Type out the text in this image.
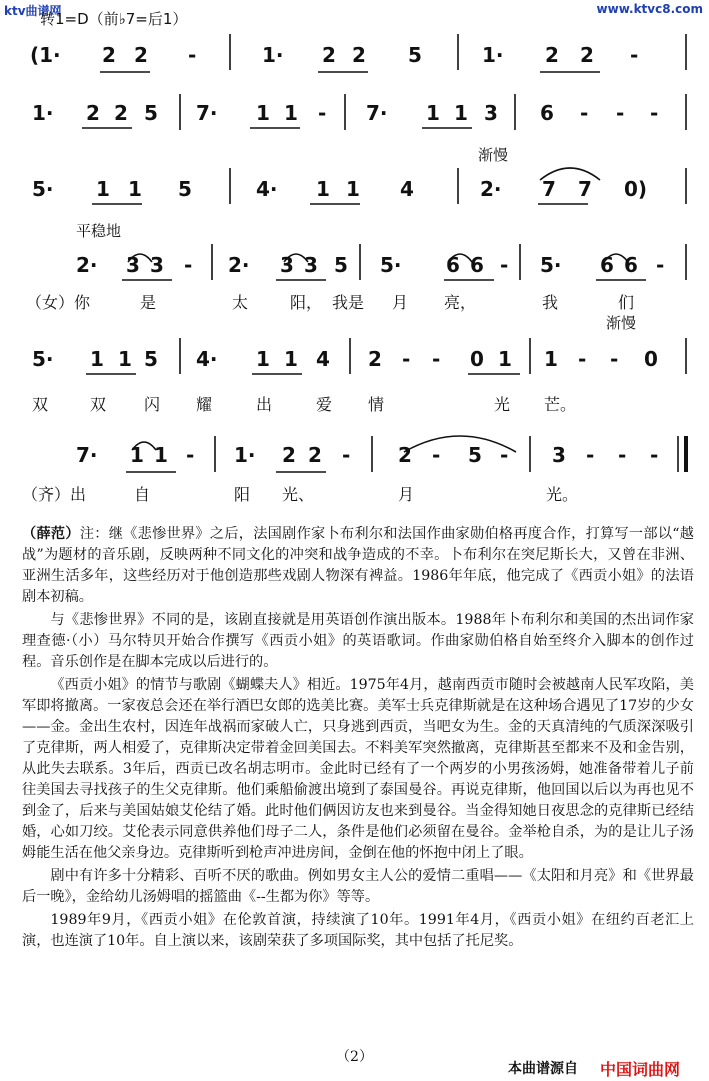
ktv曲谱网	www.ktvc8.com
转1=D（前♭7=后1）
(1· 2 2 -	1· 2 2 5	1· 2 2 -
1· 2 2 5 7· 1 1 - 7· 1 1 3 6 - - -
渐慢
5· 1 1 5	4· 1 1 4	2· 7 7 0)
平稳地
2· 3 3 - 2· 3 3 5 5· 6 6 - 5· 6 6 -
（女）你	是	太	阳， 我是 月 亮，	我	们
渐慢
5· 1 1 5 4· 1 1 4 2 - - 0 1 1 - - 0
双	双 闪 耀	出	爱 情	光 芒。
7· 1 1 - 1· 2 2 - 2 - 5 - 3 - - -
（齐）出	自	阳 光、	月	光。

（薛范）注：继《悲惨世界》之后，法国剧作家卜布利尔和法国作曲家勋伯格再度合作，打算写一部以“越战”为题材的音乐剧，反映两种不同文化的冲突和战争造成的不幸。卜布利尔在突尼斯长大，又曾在非洲、亚洲生活多年，这些经历对于他创造那些戏剧人物深有裨益。1986年年底，他完成了《西贡小姐》的法语剧本初稿。

与《悲惨世界》不同的是，该剧直接就是用英语创作演出版本。1988年卜布利尔和美国的杰出词作家理查德·（小）马尔特贝开始合作撰写《西贡小姐》的英语歌词。作曲家勋伯格自始至终介入脚本的创作过程。音乐创作是在脚本完成以后进行的。

《西贡小姐》的情节与歌剧《蝴蝶夫人》相近。1975年4月，越南西贡市随时会被越南人民军攻陷，美军即将撤离。一家夜总会还在举行酒巴女郎的选美比赛。美军士兵克律斯就是在这种场合遇见了17岁的少女——金。金出生农村，因连年战祸而家破人亡，只身逃到西贡，当吧女为生。金的天真清纯的气质深深吸引了克律斯，两人相爱了，克律斯决定带着金回美国去。不料美军突然撤离，克律斯甚至都来不及和金告别，从此失去联系。3年后，西贡已改名胡志明市。金此时已经有了一个两岁的小男孩汤姆，她准备带着儿子前往美国去寻找孩子的生父克律斯。他们乘船偷渡出境到了泰国曼谷。再说克律斯，他回国以后以为再也见不到金了，后来与美国姑娘艾伦结了婚。此时他们俩因访友也来到曼谷。当金得知她日夜思念的克律斯已经结婚，心如刀绞。艾伦表示同意供养他们母子二人，条件是他们必须留在曼谷。金举枪自杀，为的是让儿子汤姆能生活在他父亲身边。克律斯听到枪声冲进房间，金倒在他的怀抱中闭上了眼。

剧中有许多十分精彩、百听不厌的歌曲。例如男女主人公的爱情二重唱——《太阳和月亮》和《世界最后一晚》，金给幼儿汤姆唱的摇篮曲《--生都为你》等等。

1989年9月，《西贡小姐》在伦敦首演，持续演了10年。1991年4月，《西贡小姐》在纽约百老汇上演，也连演了10年。自上演以来，该剧荣获了多项国际奖，其中包括了托尼奖。

（2）
本曲谱源自 中国词曲网
